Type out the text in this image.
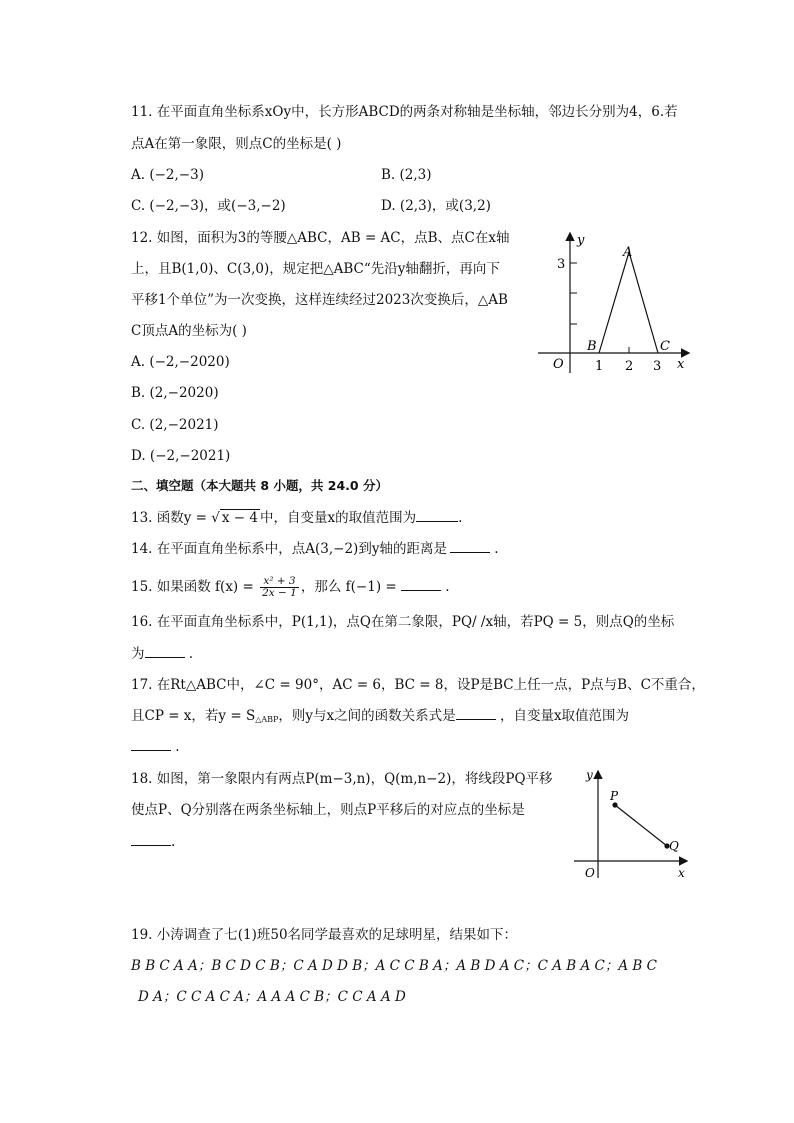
11. 在平面直角坐标系xOy中，长方形ABCD的两条对称轴是坐标轴，邻边长分别为4，6.若
点A在第一象限，则点C的坐标是( )
A. (−2,−3)	B. (2,3)
C. (−2,−3)，或(−3,−2)	D. (2,3)，或(3,2)
12. 如图，面积为3的等腰△ABC，AB = AC，点B、点C在x轴
上，且B(1,0)、C(3,0)，规定把△ABC“先沿y轴翻折，再向下
平移1个单位”为一次变换，这样连续经过2023次变换后，△AB
C顶点A的坐标为( )
A. (−2,−2020)
B. (2,−2020)
C. (2,−2021)
D. (−2,−2021)
y
3
A
B	C
O 1 2 3 x
二、填空题（本大题共 8 小题，共 24.0 分）
13. 函数y = √ x − 4 中，自变量x的取值范围为	.
14. 在平面直角坐标系中，点A(3,−2)到y轴的距离是	.
15. 如果函数 $f(x) = \frac{\text{x² + 3}}{2x - 1}$ ，那么 f(−1) =	.
16. 在平面直角坐标系中，P(1,1)，点Q在第二象限，PQ/ /x轴，若PQ = 5，则点Q的坐标
为	.
17. 在Rt△ABC中，∠C = 90°，AC = 6，BC = 8，设P是BC上任一点，P点与B、C不重合，
且CP = x，若$y = S_{\triangle ABP}$，则y与x之间的函数关系式是	，自变量x取值范围为
.
18. 如图，第一象限内有两点P(m−3,n)，Q(m,n−2)，将线段PQ平移
使点P、Q分别落在两条坐标轴上，则点P平移后的对应点的坐标是
.
y
P
Q
O	x
19. 小涛调查了七(1)班50名同学最喜欢的足球明星，结果如下：
B B C A A；B C D C B；C A D D B；A C C B A；A B D A C；C A B A C；A B C
D A；C C A C A；A A A C B；C C A A D
